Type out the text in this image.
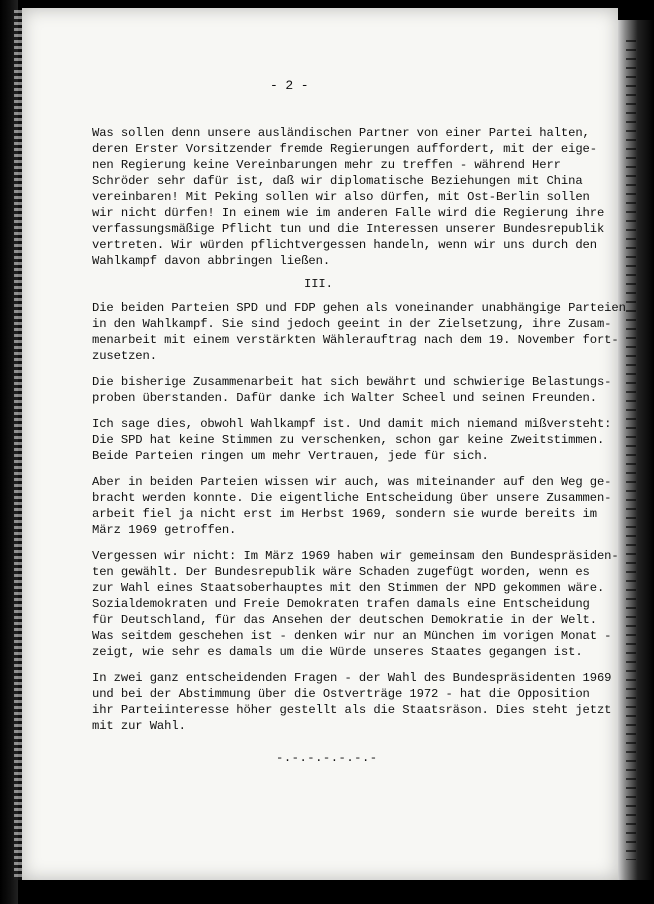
- 2 -
Was sollen denn unsere ausländischen Partner von einer Partei halten,
deren Erster Vorsitzender fremde Regierungen auffordert, mit der eige-
nen Regierung keine Vereinbarungen mehr zu treffen - während Herr
Schröder sehr dafür ist, daß wir diplomatische Beziehungen mit China
vereinbaren! Mit Peking sollen wir also dürfen, mit Ost-Berlin sollen
wir nicht dürfen! In einem wie im anderen Falle wird die Regierung ihre
verfassungsmäßige Pflicht tun und die Interessen unserer Bundesrepublik
vertreten. Wir würden pflichtvergessen handeln, wenn wir uns durch den
Wahlkampf davon abbringen ließen.
III.
Die beiden Parteien SPD und FDP gehen als voneinander unabhängige Parteien
in den Wahlkampf. Sie sind jedoch geeint in der Zielsetzung, ihre Zusam-
menarbeit mit einem verstärkten Wählerauftrag nach dem 19. November fort-
zusetzen.
Die bisherige Zusammenarbeit hat sich bewährt und schwierige Belastungs-
proben überstanden. Dafür danke ich Walter Scheel und seinen Freunden.
Ich sage dies, obwohl Wahlkampf ist. Und damit mich niemand mißversteht:
Die SPD hat keine Stimmen zu verschenken, schon gar keine Zweitstimmen.
Beide Parteien ringen um mehr Vertrauen, jede für sich.
Aber in beiden Parteien wissen wir auch, was miteinander auf den Weg ge-
bracht werden konnte. Die eigentliche Entscheidung über unsere Zusammen-
arbeit fiel ja nicht erst im Herbst 1969, sondern sie wurde bereits im
März 1969 getroffen.
Vergessen wir nicht: Im März 1969 haben wir gemeinsam den Bundespräsiden-
ten gewählt. Der Bundesrepublik wäre Schaden zugefügt worden, wenn es
zur Wahl eines Staatsoberhauptes mit den Stimmen der NPD gekommen wäre.
Sozialdemokraten und Freie Demokraten trafen damals eine Entscheidung
für Deutschland, für das Ansehen der deutschen Demokratie in der Welt.
Was seitdem geschehen ist - denken wir nur an München im vorigen Monat -
zeigt, wie sehr es damals um die Würde unseres Staates gegangen ist.
In zwei ganz entscheidenden Fragen - der Wahl des Bundespräsidenten 1969
und bei der Abstimmung über die Ostverträge 1972 - hat die Opposition
ihr Parteiinteresse höher gestellt als die Staatsräson. Dies steht jetzt
mit zur Wahl.
-.-.-.-.-.-.-
